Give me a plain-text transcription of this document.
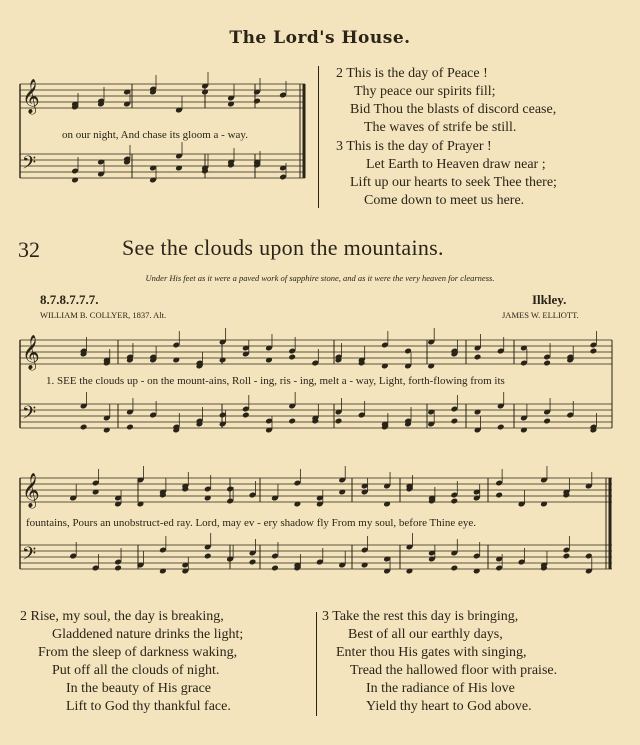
The Lord's House.
𝄞
𝄢
𝄞
𝄢
𝄞
𝄢
on our night, And chase its gloom a - way.
2 This is the day of Peace !
Thy peace our spirits fill;
Bid Thou the blasts of discord cease,
The waves of strife be still.
3 This is the day of Prayer !
Let Earth to Heaven draw near ;
Lift up our hearts to seek Thee there;
Come down to meet us here.
32	See the clouds upon the mountains.
Under His feet as it were a paved work of sapphire stone, and as it were the very heaven for clearness.
8.7.8.7.7.7.	Ilkley.
WILLIAM B. COLLYER, 1837. Alt.	JAMES W. ELLIOTT.
1. SEE the clouds up - on the mount-ains, Roll - ing, ris - ing, melt a - way, Light, forth-flowing from its
fountains, Pours an unobstruct-ed ray. Lord, may ev - ery shadow fly From my soul, before Thine eye.
2 Rise, my soul, the day is breaking,
Gladdened nature drinks the light;
From the sleep of darkness waking,
Put off all the clouds of night.
In the beauty of His grace
Lift to God thy thankful face.
3 Take the rest this day is bringing,
Best of all our earthly days,
Enter thou His gates with singing,
Tread the hallowed floor with praise.
In the radiance of His love
Yield thy heart to God above.
